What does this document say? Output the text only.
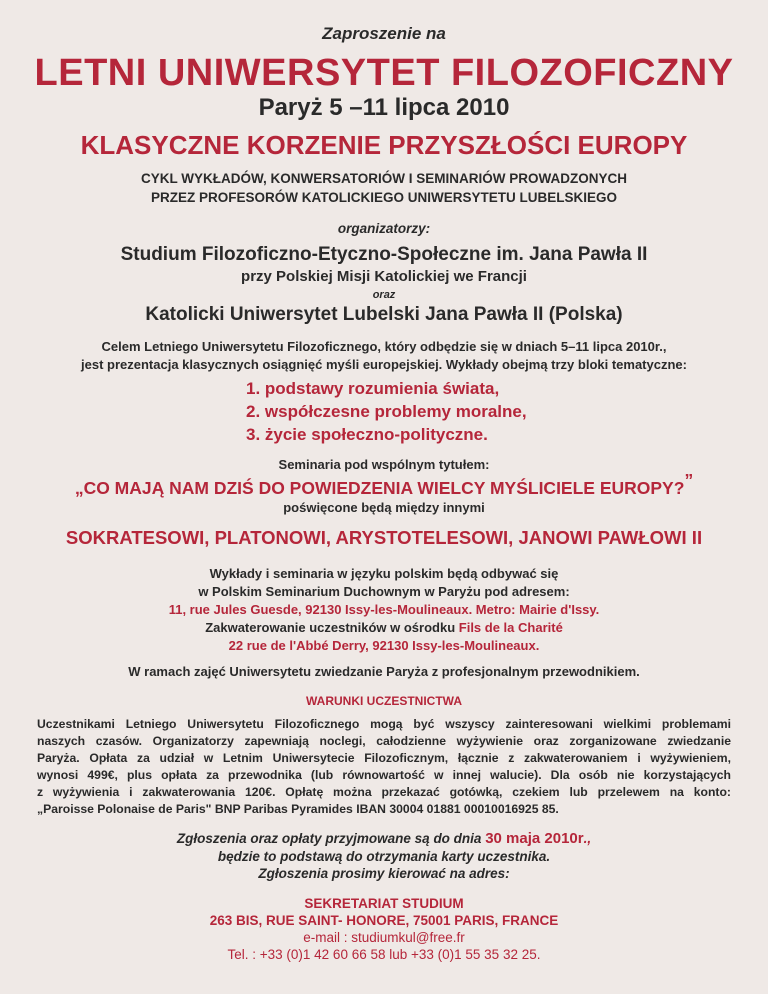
Zaproszenie na
LETNI UNIWERSYTET FILOZOFICZNY
Paryż 5 –11 lipca 2010
KLASYCZNE KORZENIE PRZYSZŁOŚCI EUROPY
CYKL WYKŁADÓW, KONWERSATORIÓW I SEMINARIÓW PROWADZONYCH
PRZEZ PROFESORÓW KATOLICKIEGO UNIWERSYTETU LUBELSKIEGO
organizatorzy:
Studium Filozoficzno-Etyczno-Społeczne im. Jana Pawła II
przy Polskiej Misji Katolickiej we Francji
oraz
Katolicki Uniwersytet Lubelski Jana Pawła II (Polska)
Celem Letniego Uniwersytetu Filozoficznego, który odbędzie się w dniach 5–11 lipca 2010r.,
jest prezentacja klasycznych osiągnięć myśli europejskiej. Wykłady obejmą trzy bloki tematyczne:
1. podstawy rozumienia świata,
2. współczesne problemy moralne,
3. życie społeczno-polityczne.
Seminaria pod wspólnym tytułem:
„CO MAJĄ NAM DZIŚ DO POWIEDZENIA WIELCY MYŚLICIELE EUROPY?”
poświęcone będą między innymi
SOKRATESOWI, PLATONOWI, ARYSTOTELESOWI, JANOWI PAWŁOWI II
Wykłady i seminaria w języku polskim będą odbywać się
w Polskim Seminarium Duchownym w Paryżu pod adresem:
11, rue Jules Guesde, 92130 Issy-les-Moulineaux. Metro: Mairie d'Issy.
Zakwaterowanie uczestników w ośrodku Fils de la Charité
22 rue de l'Abbé Derry, 92130 Issy-les-Moulineaux.
W ramach zajęć Uniwersytetu zwiedzanie Paryża z profesjonalnym przewodnikiem.
WARUNKI UCZESTNICTWA
Uczestnikami Letniego Uniwersytetu Filozoficznego mogą być wszyscy zainteresowani wielkimi problemami
naszych czasów. Organizatorzy zapewniają noclegi, całodzienne wyżywienie oraz zorganizowane zwiedzanie
Paryża. Opłata za udział w Letnim Uniwersytecie Filozoficznym, łącznie z zakwaterowaniem i wyżywieniem,
wynosi 499€, plus opłata za przewodnika (lub równowartość w innej walucie). Dla osób nie korzystających
z wyżywienia i zakwaterowania 120€. Opłatę można przekazać gotówką, czekiem lub przelewem na konto:
„Paroisse Polonaise de Paris" BNP Paribas Pyramides IBAN 30004 01881 00010016925 85.
Zgłoszenia oraz opłaty przyjmowane są do dnia 30 maja 2010r.,
będzie to podstawą do otrzymania karty uczestnika.
Zgłoszenia prosimy kierować na adres:
SEKRETARIAT STUDIUM
263 BIS, RUE SAINT- HONORE, 75001 PARIS, FRANCE
e-mail : studiumkul@free.fr
Tel. : +33 (0)1 42 60 66 58 lub +33 (0)1 55 35 32 25.
